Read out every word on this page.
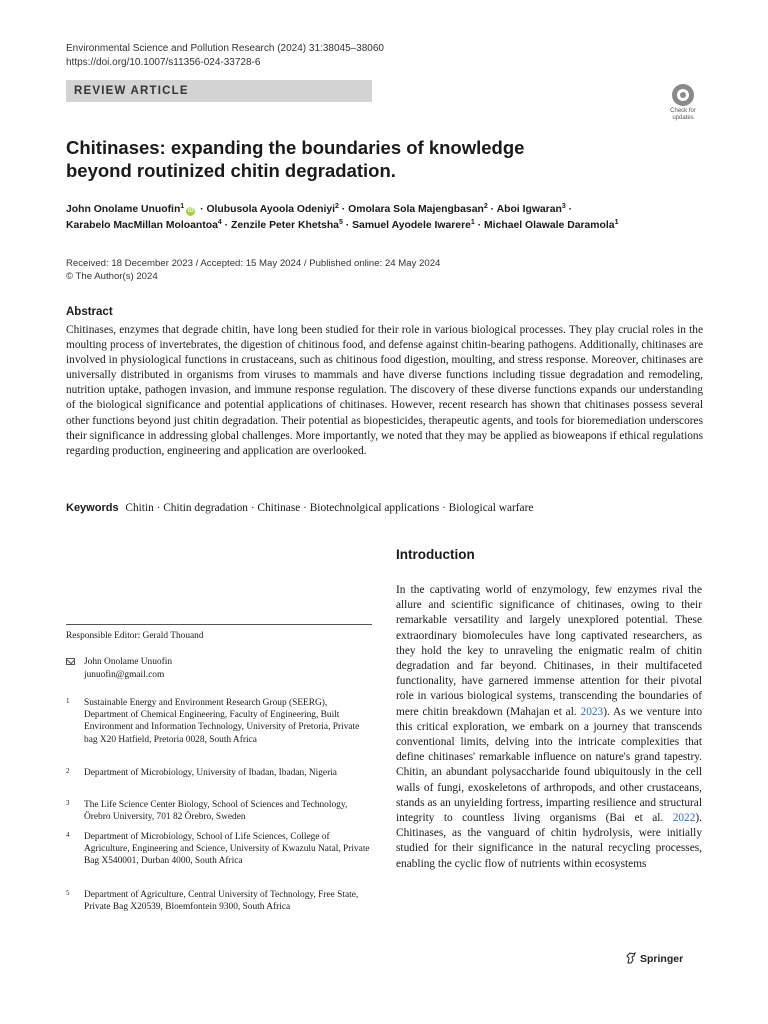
Environmental Science and Pollution Research (2024) 31:38045–38060
https://doi.org/10.1007/s11356-024-33728-6
REVIEW ARTICLE
Check for
updates
Chitinases: expanding the boundaries of knowledge beyond routinized chitin degradation.
John Onolame Unuofin$^1$iD · Olubusola Ayoola Odeniyi$^2$ · Omolara Sola Majengbasan$^2$ · Aboi Igwaran$^3$ ·
Karabelo MacMillan Moloantoa$^4$ · Zenzile Peter Khetsha$^5$ · Samuel Ayodele Iwarere$^1$ · Michael Olawale Daramola$^1$
Received: 18 December 2023 / Accepted: 15 May 2024 / Published online: 24 May 2024
© The Author(s) 2024
Abstract
Chitinases, enzymes that degrade chitin, have long been studied for their role in various biological processes. They play crucial roles in the moulting process of invertebrates, the digestion of chitinous food, and defense against chitin-bearing pathogens. Additionally, chitinases are involved in physiological functions in crustaceans, such as chitinous food digestion, moulting, and stress response. Moreover, chitinases are universally distributed in organisms from viruses to mammals and have diverse functions including tissue degradation and remodeling, nutrition uptake, pathogen invasion, and immune response regulation. The discovery of these diverse functions expands our understanding of the biological significance and potential applications of chitinases. However, recent research has shown that chitinases possess several other functions beyond just chitin degradation. Their potential as biopesticides, therapeutic agents, and tools for bioremediation underscores their significance in addressing global challenges. More importantly, we noted that they may be applied as bioweapons if ethical regulations regarding production, engineering and application are overlooked.
Keywords Chitin · Chitin degradation · Chitinase · Biotechnolgical applications · Biological warfare
Introduction
In the captivating world of enzymology, few enzymes rival the allure and scientific significance of chitinases, owing to their remarkable versatility and largely unexplored potential. These extraordinary biomolecules have long captivated researchers, as they hold the key to unraveling the enigmatic realm of chitin degradation and far beyond. Chitinases, in their multifaceted functionality, have garnered immense attention for their pivotal role in various biological systems, transcending the boundaries of mere chitin breakdown (Mahajan et al. 2023). As we venture into this critical exploration, we embark on a journey that transcends conventional limits, delving into the intricate complexities that define chitinases' remarkable influence on nature's grand tapestry. Chitin, an abundant polysaccharide found ubiquitously in the cell walls of fungi, exoskeletons of arthropods, and other crustaceans, stands as an unyielding fortress, imparting resilience and structural integrity to countless living organisms (Bai et al. 2022). Chitinases, as the vanguard of chitin hydrolysis, were initially studied for their significance in the natural recycling processes, enabling the cyclic flow of nutrients within ecosystems
Responsible Editor: Gerald Thouand
John Onolame Unuofin
junuofin@gmail.com
1 Sustainable Energy and Environment Research Group (SEERG), Department of Chemical Engineering, Faculty of Engineering, Built Environment and Information Technology, University of Pretoria, Private bag X20 Hatfield, Pretoria 0028, South Africa
2 Department of Microbiology, University of Ibadan, Ibadan, Nigeria
3 The Life Science Center Biology, School of Sciences and Technology, Örebro University, 701 82 Örebro, Sweden
4 Department of Microbiology, School of Life Sciences, College of Agriculture, Engineering and Science, University of Kwazulu Natal, Private Bag X540001, Durban 4000, South Africa
5 Department of Agriculture, Central University of Technology, Free State, Private Bag X20539, Bloemfontein 9300, South Africa
Springer
